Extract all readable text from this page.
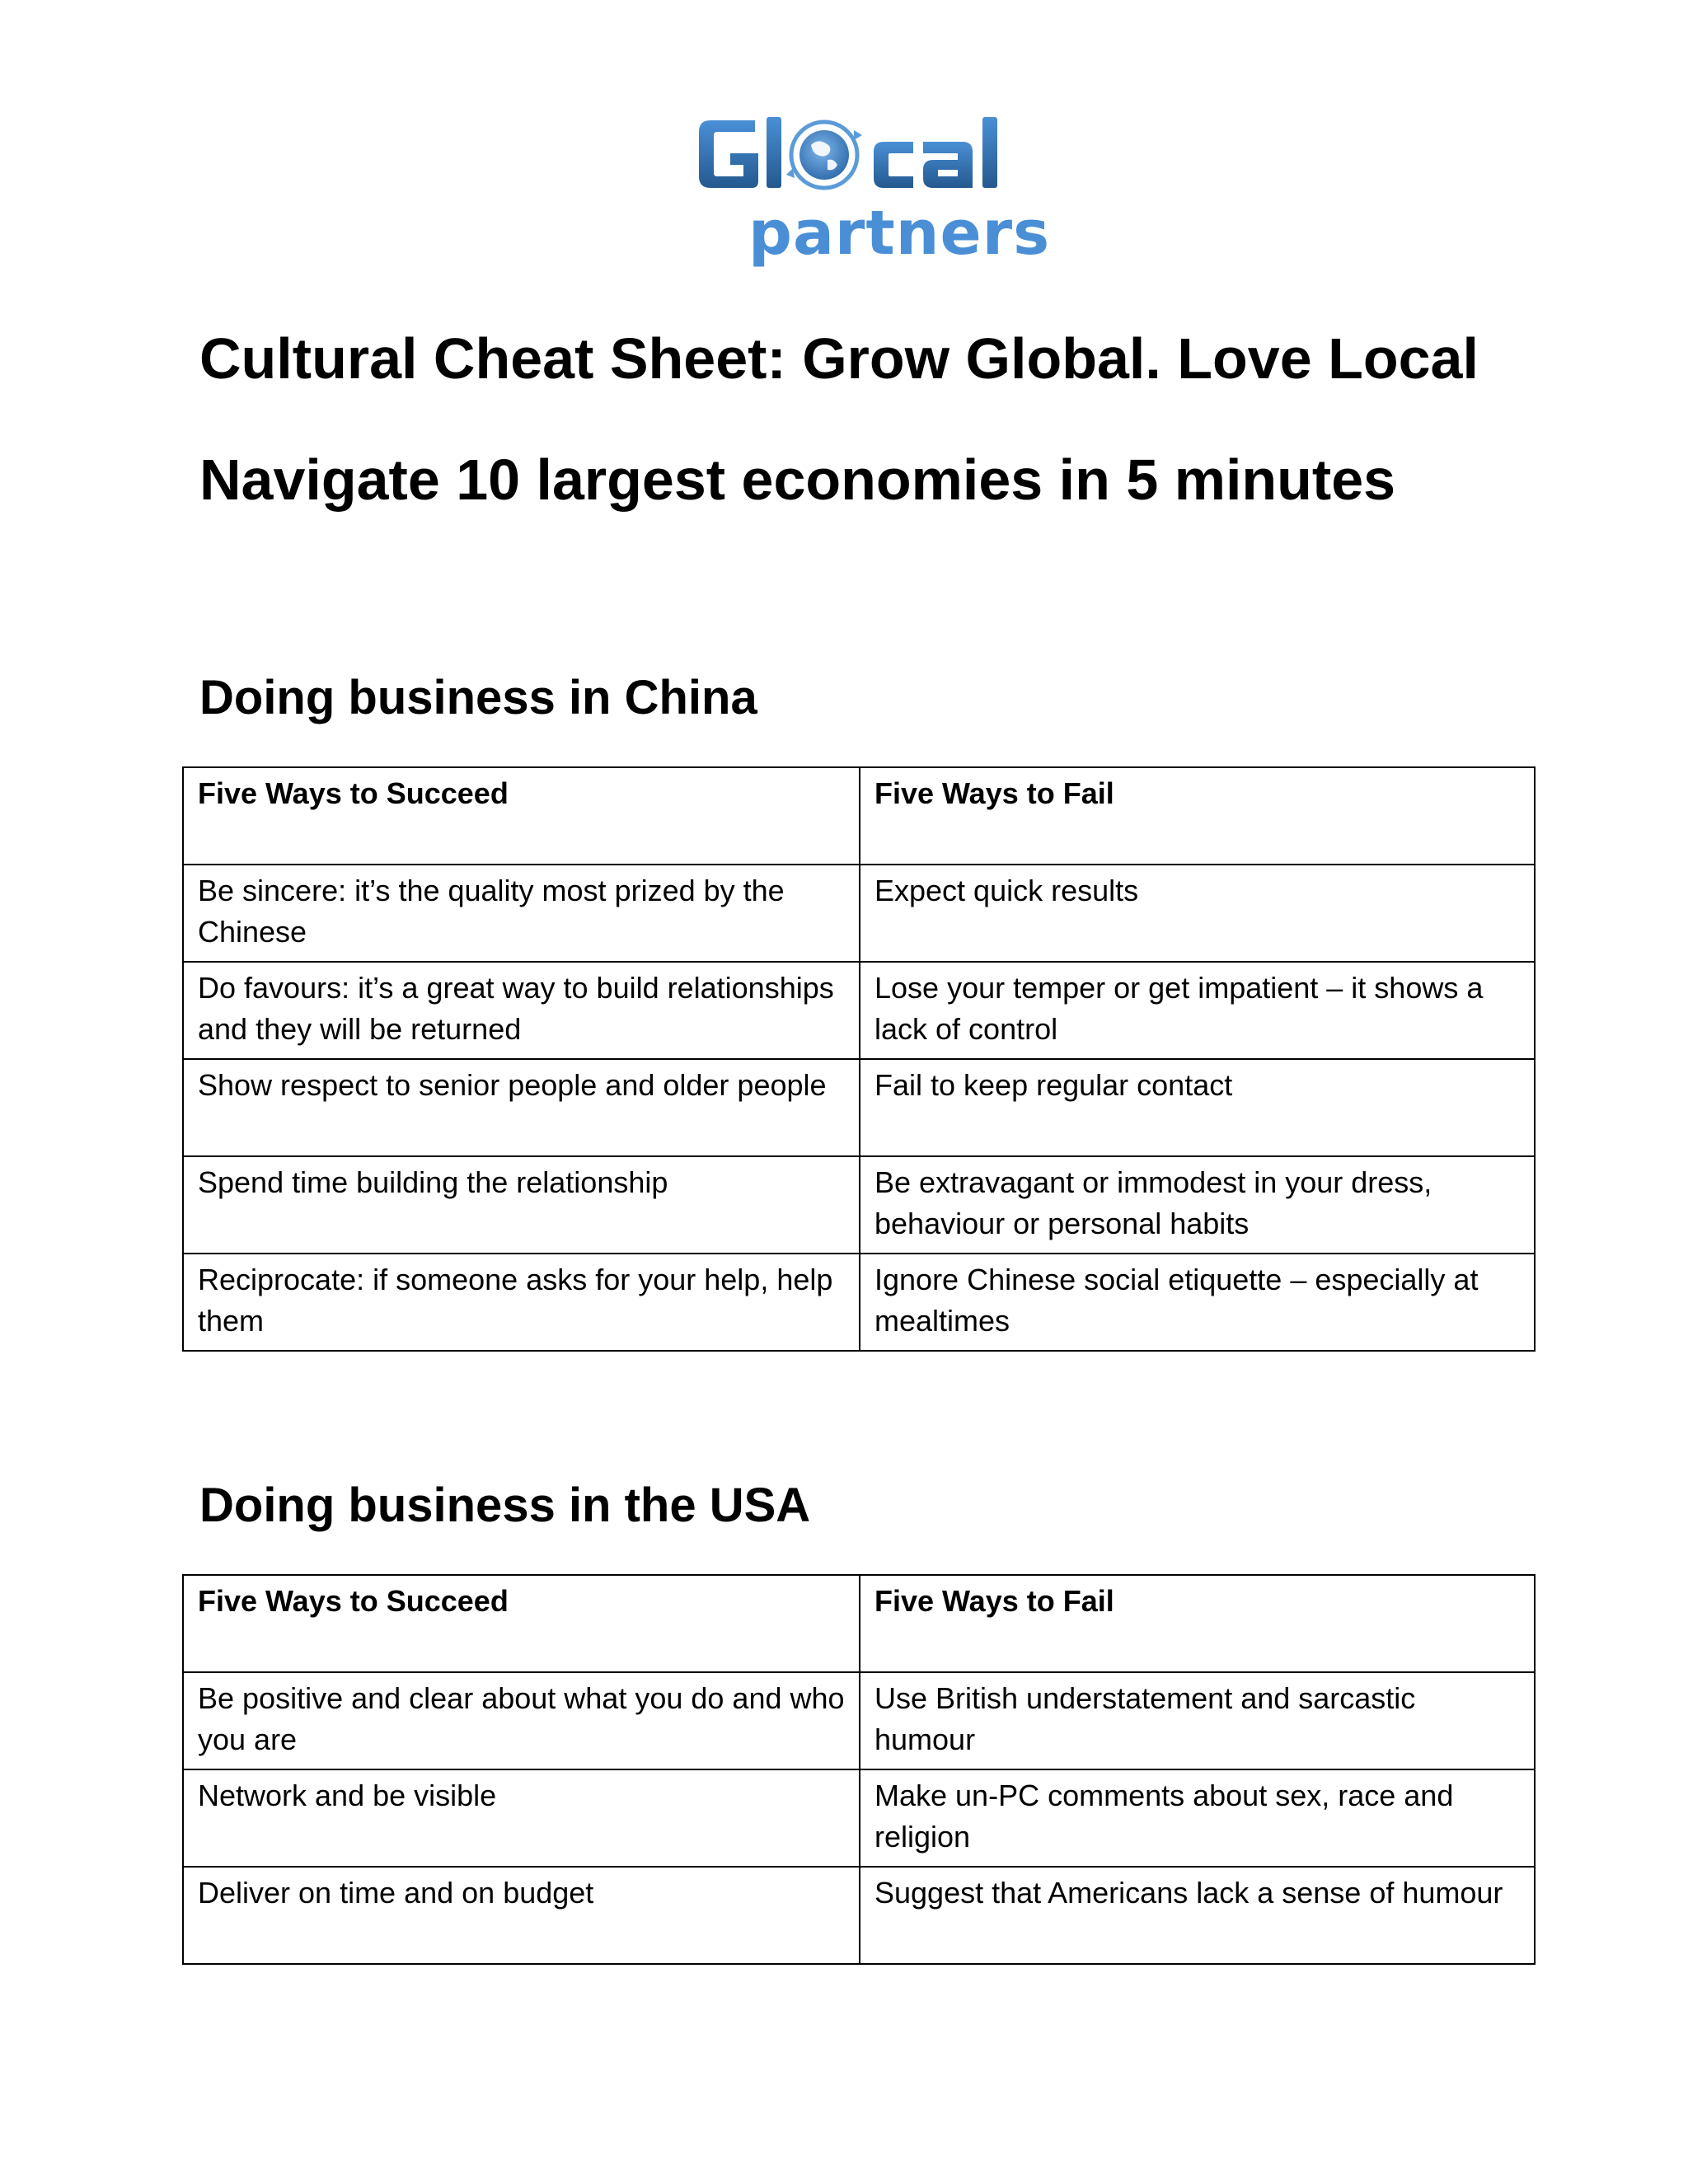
partners
Cultural Cheat Sheet: Grow Global. Love Local
Navigate 10 largest economies in 5 minutes
Doing business in China
Five Ways to Succeed	Five Ways to Fail
Be sincere: it’s the quality most prized by the Chinese	Expect quick results
Do favours: it’s a great way to build relationships and they will be returned	Lose your temper or get impatient – it shows a lack of control
Show respect to senior people and older people	Fail to keep regular contact
Spend time building the relationship	Be extravagant or immodest in your dress, behaviour or personal habits
Reciprocate: if someone asks for your help, help them	Ignore Chinese social etiquette – especially at mealtimes
Doing business in the USA
Five Ways to Succeed	Five Ways to Fail
Be positive and clear about what you do and who you are	Use British understatement and sarcastic humour
Network and be visible	Make un-PC comments about sex, race and religion
Deliver on time and on budget	Suggest that Americans lack a sense of humour
